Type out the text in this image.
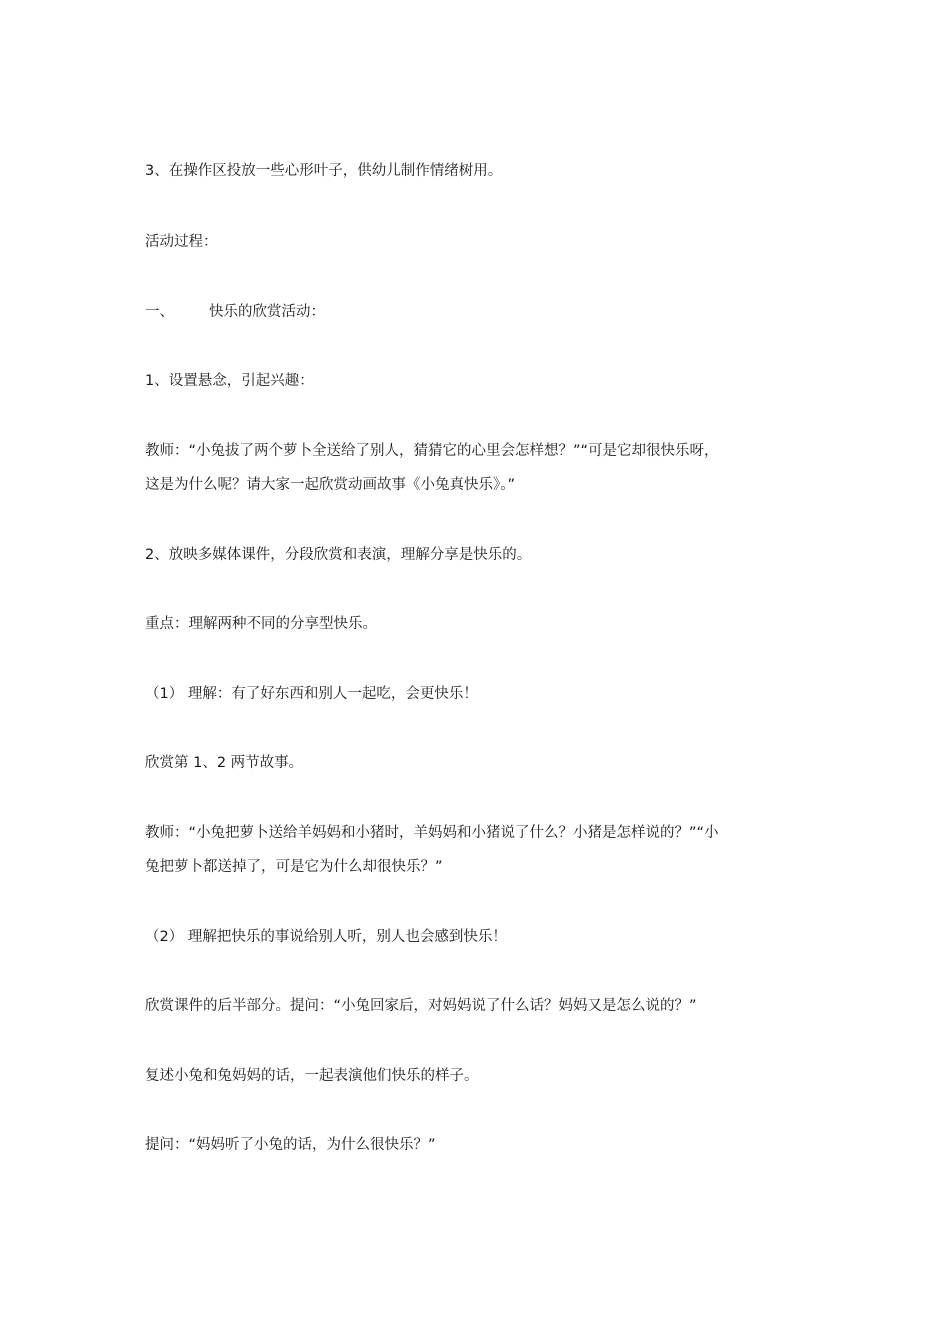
3、在操作区投放一些心形叶子，供幼儿制作情绪树用。

活动过程：

一、 快乐的欣赏活动：

1、设置悬念，引起兴趣：

教师：“小兔拔了两个萝卜全送给了别人，猜猜它的心里会怎样想？”“可是它却很快乐呀，
这是为什么呢？请大家一起欣赏动画故事《小兔真快乐》。”

2、放映多媒体课件，分段欣赏和表演，理解分享是快乐的。

重点：理解两种不同的分享型快乐。

（1） 理解：有了好东西和别人一起吃，会更快乐！

欣赏第 1、2 两节故事。

教师：“小兔把萝卜送给羊妈妈和小猪时，羊妈妈和小猪说了什么？小猪是怎样说的？”“小
兔把萝卜都送掉了，可是它为什么却很快乐？”

（2） 理解把快乐的事说给别人听，别人也会感到快乐！

欣赏课件的后半部分。提问：“小兔回家后，对妈妈说了什么话？妈妈又是怎么说的？”

复述小兔和兔妈妈的话，一起表演他们快乐的样子。

提问：“妈妈听了小兔的话，为什么很快乐？”
